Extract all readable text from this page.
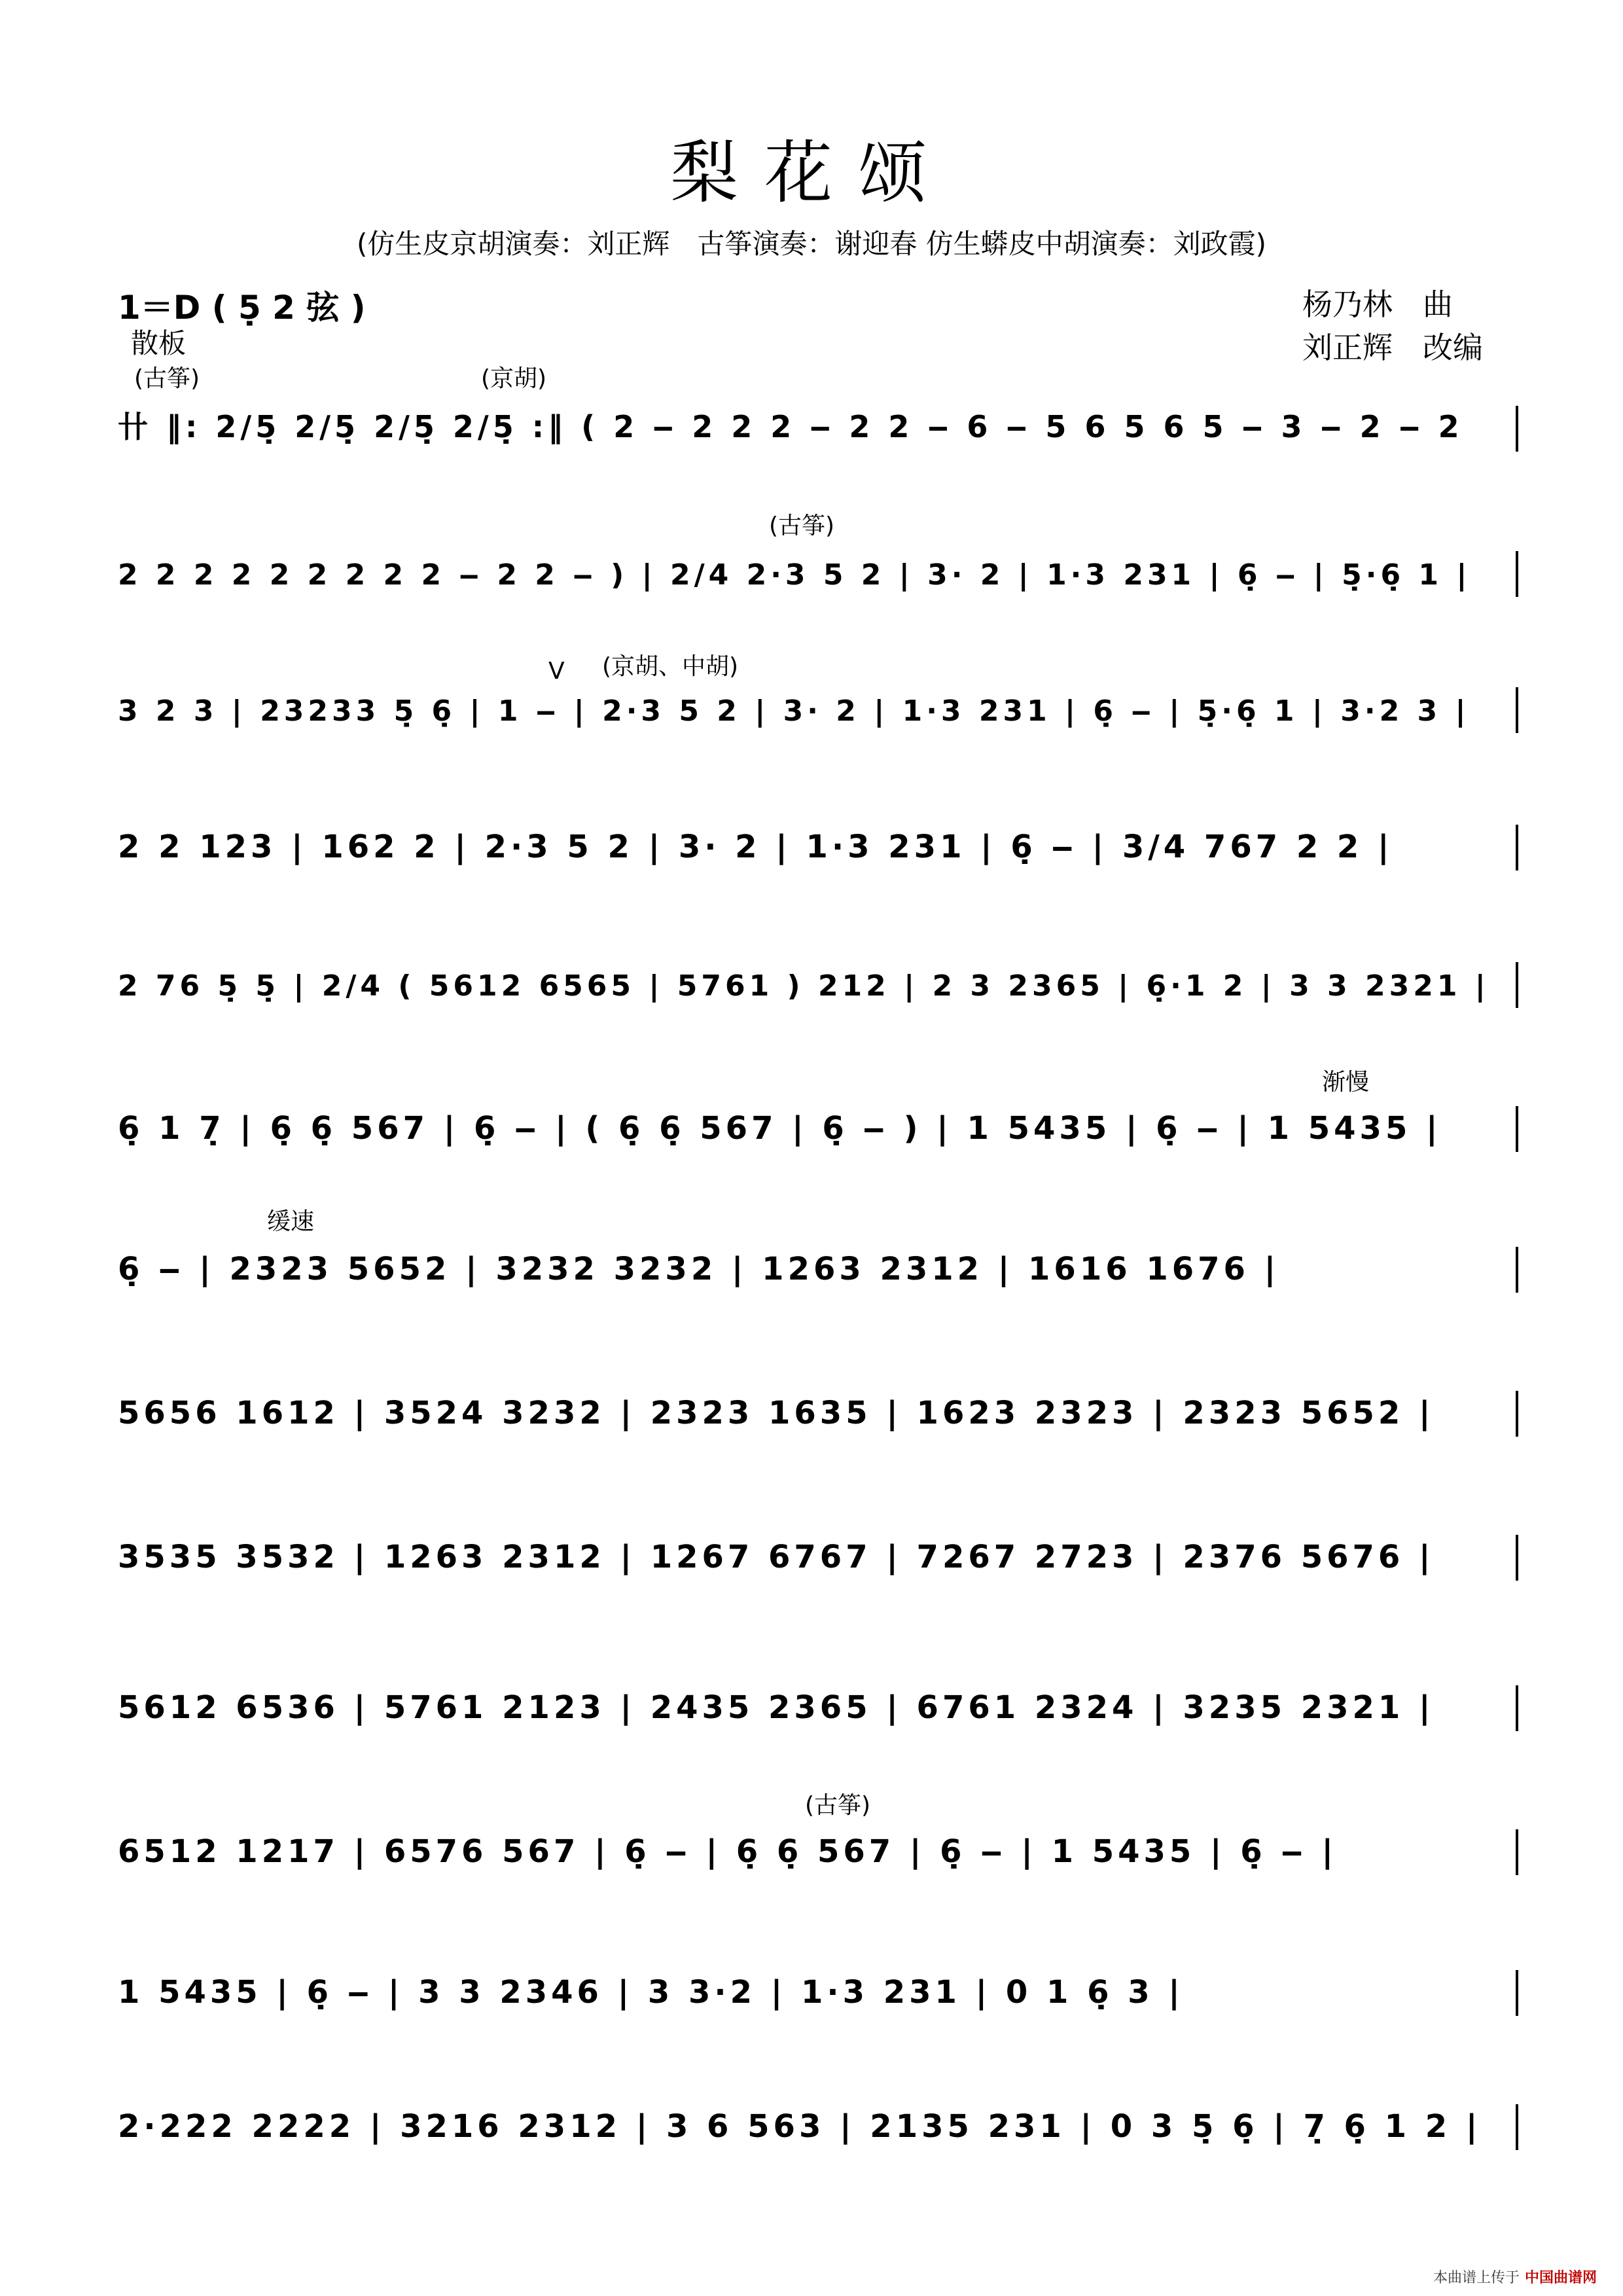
梨花颂
(仿生皮京胡演奏：刘正辉　古筝演奏：谢迎春 仿生蟒皮中胡演奏：刘政霞)
1＝D ( 5̣ 2 弦 )
散板
杨乃林　曲
刘正辉　改编
(古筝)	(京胡)
(古筝)
(京胡、中胡)
V
渐慢
缓速
(古筝)
卄 ‖: 2/5̣ 2/5̣ 2/5̣ 2/5̣ :‖ ( 2 ‒ 2 2 2 ‒ 2 2 ‒ 6 ‒ 5 6 5 6 5 ‒ 3 ‒ 2 ‒ 2
2 2 2 2 2 2 2 2 2 ‒ 2 2 ‒ ) | 2/4 2·3 5 2 | 3· 2 | 1·3 231 | 6̣ ‒ | 5̣·6̣ 1 |
3 2 3 | 23233 5̣ 6̣ | 1 ‒ | 2·3 5 2 | 3· 2 | 1·3 231 | 6̣ ‒ | 5̣·6̣ 1 | 3·2 3 |
2 2 123 | 162 2 | 2·3 5 2 | 3· 2 | 1·3 231 | 6̣ ‒ | 3/4 767 2 2 |
2 76 5̣ 5̣ | 2/4 ( 5612 6565 | 5761 ) 212 | 2 3 2365 | 6̣·1 2 | 3 3 2321 |
6̣ 1 7̣ | 6̣ 6̣ 567 | 6̣ ‒ | ( 6̣ 6̣ 567 | 6̣ ‒ ) | 1 5435 | 6̣ ‒ | 1 5435 |
6̣ ‒ | 2323 5652 | 3232 3232 | 1263 2312 | 1616 1676 |
5656 1612 | 3524 3232 | 2323 1635 | 1623 2323 | 2323 5652 |
3535 3532 | 1263 2312 | 1267 6767 | 7267 2723 | 2376 5676 |
5612 6536 | 5761 2123 | 2435 2365 | 6761 2324 | 3235 2321 |
6512 1217 | 6576 567 | 6̣ ‒ | 6̣ 6̣ 567 | 6̣ ‒ | 1 5435 | 6̣ ‒ |
1 5435 | 6̣ ‒ | 3 3 2346 | 3 3·2 | 1·3 231 | 0 1 6̣ 3 |
2·222 2222 | 3216 2312 | 3 6 563 | 2135 231 | 0 3 5̣ 6̣ | 7̣ 6̣ 1 2 |
本曲谱上传于 中国曲谱网
